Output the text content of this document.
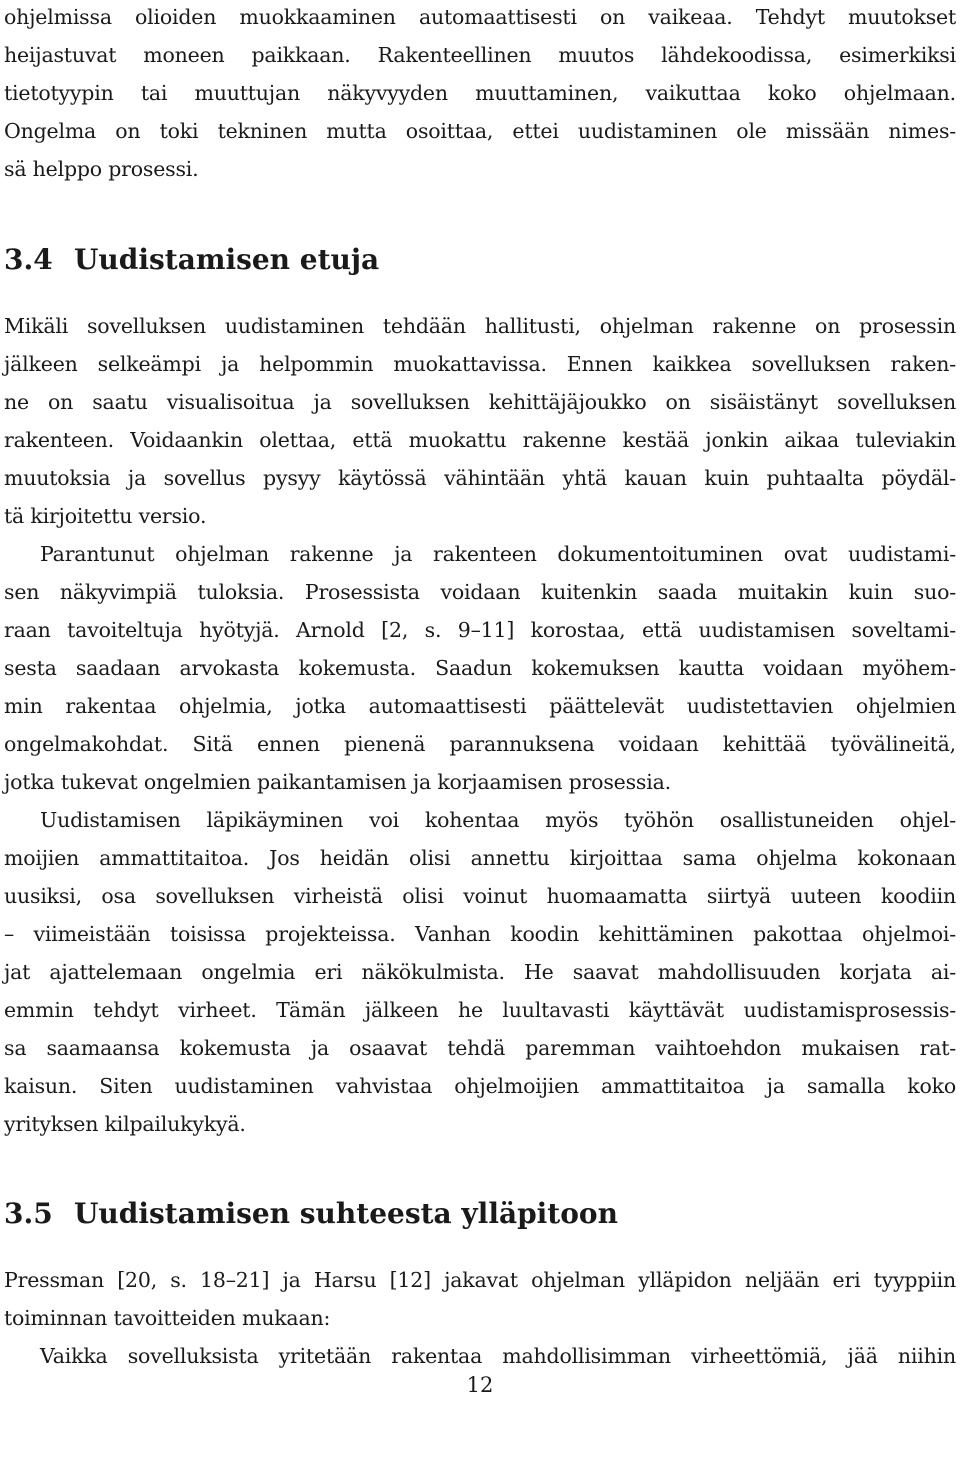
ohjelmissa olioiden muokkaaminen automaattisesti on vaikeaa. Tehdyt muutokset
heijastuvat moneen paikkaan. Rakenteellinen muutos lähdekoodissa, esimerkiksi
tietotyypin tai muuttujan näkyvyyden muuttaminen, vaikuttaa koko ohjelmaan.
Ongelma on toki tekninen mutta osoittaa, ettei uudistaminen ole missään nimes-
sä helppo prosessi.
3.4 Uudistamisen etuja
Mikäli sovelluksen uudistaminen tehdään hallitusti, ohjelman rakenne on prosessin
jälkeen selkeämpi ja helpommin muokattavissa. Ennen kaikkea sovelluksen raken-
ne on saatu visualisoitua ja sovelluksen kehittäjäjoukko on sisäistänyt sovelluksen
rakenteen. Voidaankin olettaa, että muokattu rakenne kestää jonkin aikaa tuleviakin
muutoksia ja sovellus pysyy käytössä vähintään yhtä kauan kuin puhtaalta pöydäl-
tä kirjoitettu versio.
Parantunut ohjelman rakenne ja rakenteen dokumentoituminen ovat uudistami-
sen näkyvimpiä tuloksia. Prosessista voidaan kuitenkin saada muitakin kuin suo-
raan tavoiteltuja hyötyjä. Arnold [2, s. 9–11] korostaa, että uudistamisen soveltami-
sesta saadaan arvokasta kokemusta. Saadun kokemuksen kautta voidaan myöhem-
min rakentaa ohjelmia, jotka automaattisesti päättelevät uudistettavien ohjelmien
ongelmakohdat. Sitä ennen pienenä parannuksena voidaan kehittää työvälineitä,
jotka tukevat ongelmien paikantamisen ja korjaamisen prosessia.
Uudistamisen läpikäyminen voi kohentaa myös työhön osallistuneiden ohjel-
moijien ammattitaitoa. Jos heidän olisi annettu kirjoittaa sama ohjelma kokonaan
uusiksi, osa sovelluksen virheistä olisi voinut huomaamatta siirtyä uuteen koodiin
– viimeistään toisissa projekteissa. Vanhan koodin kehittäminen pakottaa ohjelmoi-
jat ajattelemaan ongelmia eri näkökulmista. He saavat mahdollisuuden korjata ai-
emmin tehdyt virheet. Tämän jälkeen he luultavasti käyttävät uudistamisprosessis-
sa saamaansa kokemusta ja osaavat tehdä paremman vaihtoehdon mukaisen rat-
kaisun. Siten uudistaminen vahvistaa ohjelmoijien ammattitaitoa ja samalla koko
yrityksen kilpailukykyä.
3.5 Uudistamisen suhteesta ylläpitoon
Pressman [20, s. 18–21] ja Harsu [12] jakavat ohjelman ylläpidon neljään eri tyyppiin
toiminnan tavoitteiden mukaan:
Vaikka sovelluksista yritetään rakentaa mahdollisimman virheettömiä, jää niihin
12
